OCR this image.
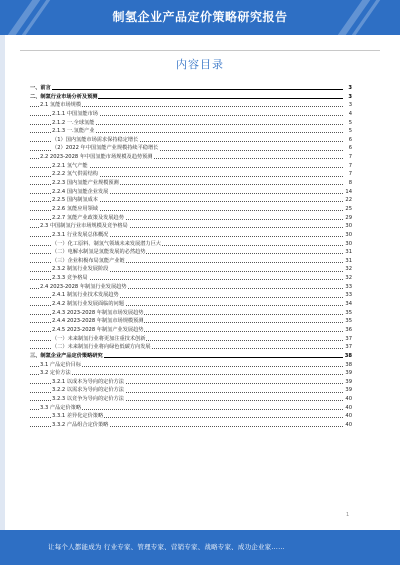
制氢企业产品定价策略研究报告
内容目录
一、前言	3
二、制氢行业市场分析及预测	3
2.1 氢能市场规模	3
2.1.1 中国氢能市场	4
2.1.2 一.全球氢能	5
2.1.3 一.氢能产业	5
（1）国内氢能市场需求保持稳定增长	6
（2）2022 年中国氢能产业规模持续平稳增长	6
2.2 2023-2028 年中国氢能市场规模及趋势预测	7
2.2.1 氢气产能	7
2.2.2 氢气供需结构	7
2.2.3 国内氢能产业规模预测	8
2.2.4 国内氢能企业发展	14
2.2.5 国内制氢成本	22
2.2.6 氢能应用领域	25
2.2.7 氢能产业政策及发展趋势	29
2.3 中国制氢行业市场规模及竞争格局	30
2.3.1 行业发展总体概况	30
（一）化工原料、制氢气领域未来发展潜力巨大	30
（二）电解水制氢是氢能发展的必然趋势	31
（三）企业积极布局氢能产业链	31
2.3.2 制氢行业发展阶段	32
2.3.3 竞争格局	32
2.4 2023-2028 年制氢行业发展趋势	33
2.4.1 制氢行业技术发展趋势	33
2.4.2 制氢行业发展面临的问题	34
2.4.3 2023-2028 年制氢市场发展趋势	35
2.4.4 2023-2028 年制氢市场规模预测	35
2.4.5 2023-2028 年制氢产业发展趋势	36
（一）未来制氢行业将更加注重技术创新	37
（二）未来制氢行业将向绿色低碳方向发展	37
三、制氢企业产品定价策略研究	38
3.1 产品定价目标	38
3.2 定价方法	39
3.2.1 以成本为导向的定价方法	39
3.2.2 以需求为导向的定价方法	39
3.2.3 以竞争为导向的定价方法	40
3.3 产品定价策略	40
3.3.1 差异化定价策略	40
3.3.2 产品组合定价策略	40
1
让每个人都能成为 行业专家、管理专家、营销专家、战略专家、成功企业家……
